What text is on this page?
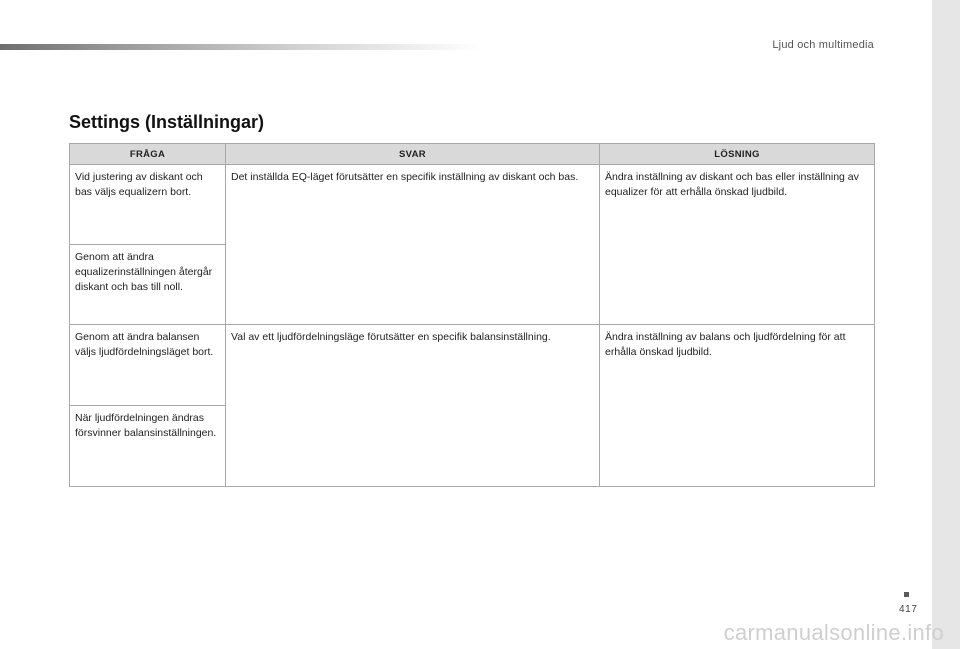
Ljud och multimedia
Settings (Inställningar)
FRÅGA	SVAR	LÖSNING
Vid justering av diskant och bas väljs equalizern bort.	Det inställda EQ-läget förutsätter en specifik inställning av diskant och bas.	Ändra inställning av diskant och bas eller inställning av equalizer för att erhålla önskad ljudbild.
Genom att ändra equalizerinställningen återgår diskant och bas till noll.		
Genom att ändra balansen väljs ljudfördelningsläget bort.	Val av ett ljudfördelningsläge förutsätter en specifik balansinställning.	Ändra inställning av balans och ljudfördelning för att erhålla önskad ljudbild.
När ljudfördelningen ändras försvinner balansinställningen.		
417
carmanualsonline.info
